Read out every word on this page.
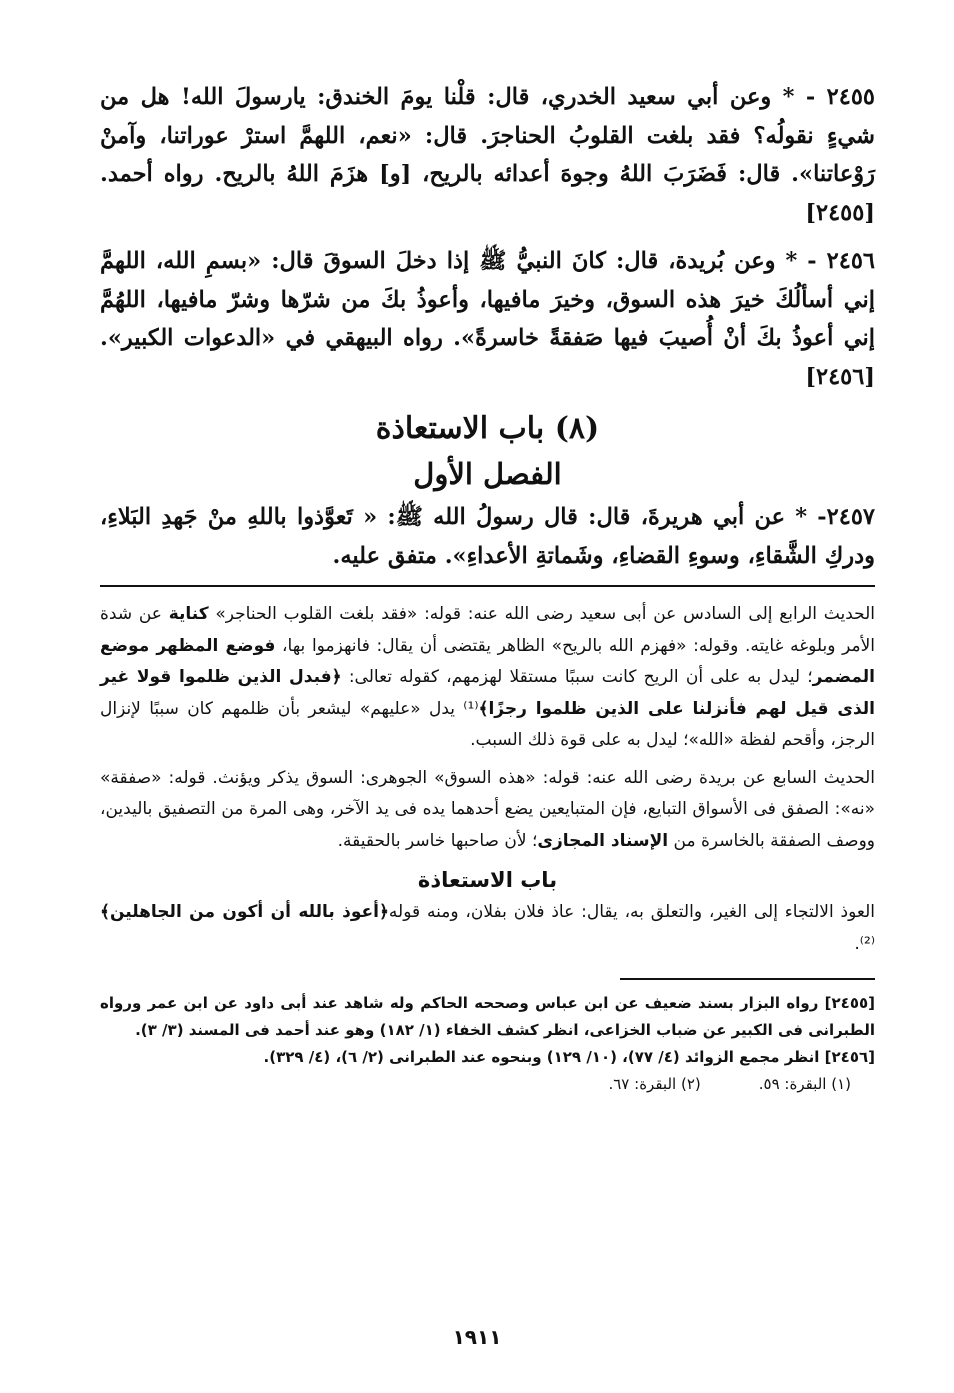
٢٤٥٥ - * وعن أبي سعيد الخدري، قال: قلْنا يومَ الخندق: يارسولَ الله! هل من شيءٍ نقولُه؟ فقد بلغت القلوبُ الحناجرَ. قال: «نعم، اللهمَّ استرْ عوراتنا، وآمنْ رَوْعاتنا». قال: فَضَرَبَ اللهُ وجوهَ أعدائه بالريح، [و] هزَمَ اللهُ بالريح. رواه أحمد. [٢٤٥٥]

٢٤٥٦ - * وعن بُريدة، قال: كانَ النبيُّ ﷺ إذا دخلَ السوقَ قال: «بسمِ الله، اللهمَّ إني أسألُكَ خيرَ هذه السوق، وخيرَ مافيها، وأعوذُ بكَ من شرّها وشرّ مافيها، اللهُمَّ إني أعوذُ بكَ أنْ أُصيبَ فيها صَفقةً خاسرةً». رواه البيهقي في «الدعوات الكبير». [٢٤٥٦]

(٨) باب الاستعاذة
الفصل الأول

٢٤٥٧- * عن أبي هريرةَ، قال: قال رسولُ الله ﷺ: « تَعوَّذوا باللهِ منْ جَهدِ البَلاءِ، ودركِ الشَّقاءِ، وسوءِ القضاءِ، وشَماتةِ الأعداءِ». متفق عليه.

الحديث الرابع إلى السادس عن أبى سعيد رضى الله عنه: قوله: «فقد بلغت القلوب الحناجر» كناية عن شدة الأمر وبلوغه غايته. وقوله: «فهزم الله بالريح» الظاهر يقتضى أن يقال: فانهزموا بها، فوضع المظهر موضع المضمر؛ ليدل به على أن الريح كانت سببًا مستقلا لهزمهم، كقوله تعالى: ﴿فبدل الذين ظلموا قولا غير الذى قيل لهم فأنزلنا على الذين ظلموا رجزًا﴾⁽¹⁾ يدل «عليهم» ليشعر بأن ظلمهم كان سببًا لإنزال الرجز، وأقحم لفظة «الله»؛ ليدل به على قوة ذلك السبب.

الحديث السابع عن بريدة رضى الله عنه: قوله: «هذه السوق» الجوهرى: السوق يذكر ويؤنث. قوله: «صفقة» «نه»: الصفق فى الأسواق التبايع، فإن المتبايعين يضع أحدهما يده فى يد الآخر، وهى المرة من التصفيق باليدين، ووصف الصفقة بالخاسرة من الإسناد المجازى؛ لأن صاحبها خاسر بالحقيقة.

باب الاستعاذة

العوذ الالتجاء إلى الغير، والتعلق به، يقال: عاذ فلان بفلان، ومنه قوله﴿أعوذ بالله أن أكون من الجاهلين﴾ ⁽²⁾.

[٢٤٥٥] رواه البزار بسند ضعيف عن ابن عباس وصححه الحاكم وله شاهد عند أبى داود عن ابن عمر ورواه الطبرانى فى الكبير عن ضباب الخزاعى، انظر كشف الخفاء (١/ ١٨٢) وهو عند أحمد فى المسند (٣/ ٣).

[٢٤٥٦] انظر مجمع الزوائد (٤/ ٧٧)، (١٠/ ١٢٩) وبنحوه عند الطبرانى (٢/ ٦)، (٤/ ٣٢٩).

(١) البقرة: ٥٩.(٢) البقرة: ٦٧.

١٩١١
